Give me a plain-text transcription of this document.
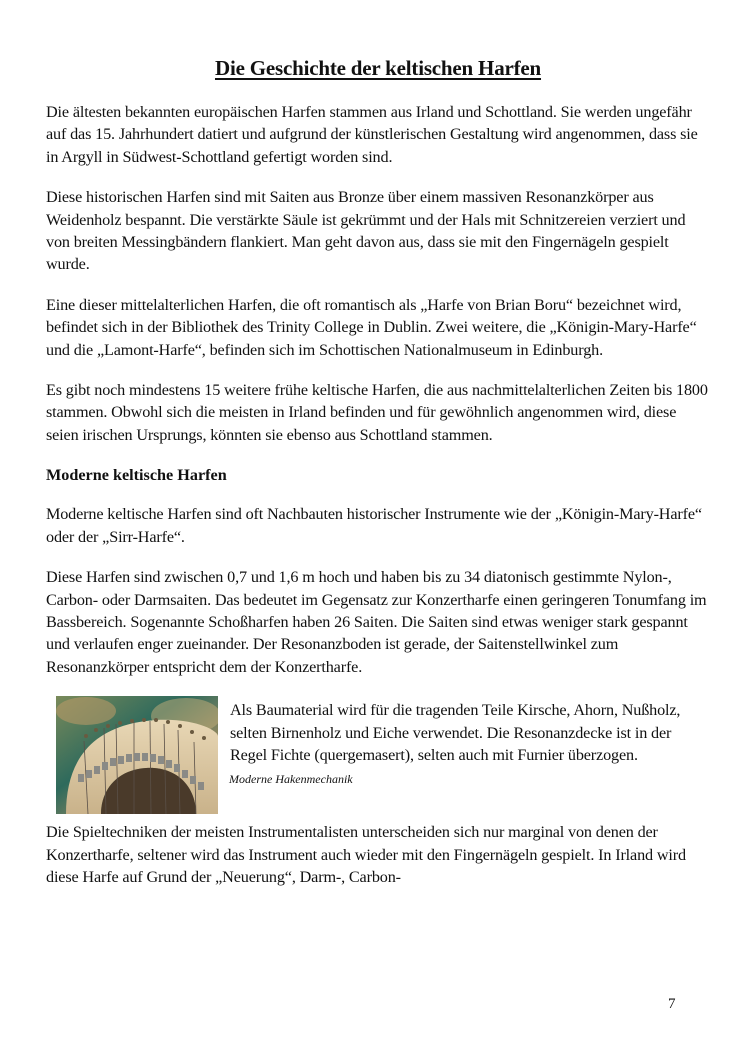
Die Geschichte der keltischen Harfen

Die ältesten bekannten europäischen Harfen stammen aus Irland und Schottland. Sie werden ungefähr auf das 15. Jahrhundert datiert und aufgrund der künstlerischen Gestaltung wird angenommen, dass sie in Argyll in Südwest-Schottland gefertigt worden sind.

Diese historischen Harfen sind mit Saiten aus Bronze über einem massiven Resonanzkörper aus Weidenholz bespannt. Die verstärkte Säule ist gekrümmt und der Hals mit Schnitzereien verziert und von breiten Messingbändern flankiert. Man geht davon aus, dass sie mit den Fingernägeln gespielt wurde.

Eine dieser mittelalterlichen Harfen, die oft romantisch als „Harfe von Brian Boru“ bezeichnet wird, befindet sich in der Bibliothek des Trinity College in Dublin. Zwei weitere, die „Königin-Mary-Harfe“ und die „Lamont-Harfe“, befinden sich im Schottischen Nationalmuseum in Edinburgh.

Es gibt noch mindestens 15 weitere frühe keltische Harfen, die aus nachmittelalterlichen Zeiten bis 1800 stammen. Obwohl sich die meisten in Irland befinden und für gewöhnlich angenommen wird, diese seien irischen Ursprungs, könnten sie ebenso aus Schottland stammen.

Moderne keltische Harfen

Moderne keltische Harfen sind oft Nachbauten historischer Instrumente wie der „Königin-Mary-Harfe“ oder der „Sirr-Harfe“.

Diese Harfen sind zwischen 0,7 und 1,6 m hoch und haben bis zu 34 diatonisch gestimmte Nylon-, Carbon- oder Darmsaiten. Das bedeutet im Gegensatz zur Konzertharfe einen geringeren Tonumfang im Bassbereich. Sogenannte Schoßharfen haben 26 Saiten. Die Saiten sind etwas weniger stark gespannt und verlaufen enger zueinander. Der Resonanzboden ist gerade, der Saitenstellwinkel zum Resonanzkörper entspricht dem der Konzertharfe.

Als Baumaterial wird für die tragenden Teile Kirsche, Ahorn, Nußholz, selten Birnenholz und Eiche verwendet. Die Resonanzdecke ist in der Regel Fichte (quergemasert), selten auch mit Furnier überzogen.
Moderne Hakenmechanik

Die Spieltechniken der meisten Instrumentalisten unterscheiden sich nur marginal von denen der Konzertharfe, seltener wird das Instrument auch wieder mit den Fingernägeln gespielt. In Irland wird diese Harfe auf Grund der „Neuerung“, Darm-, Carbon-

7
